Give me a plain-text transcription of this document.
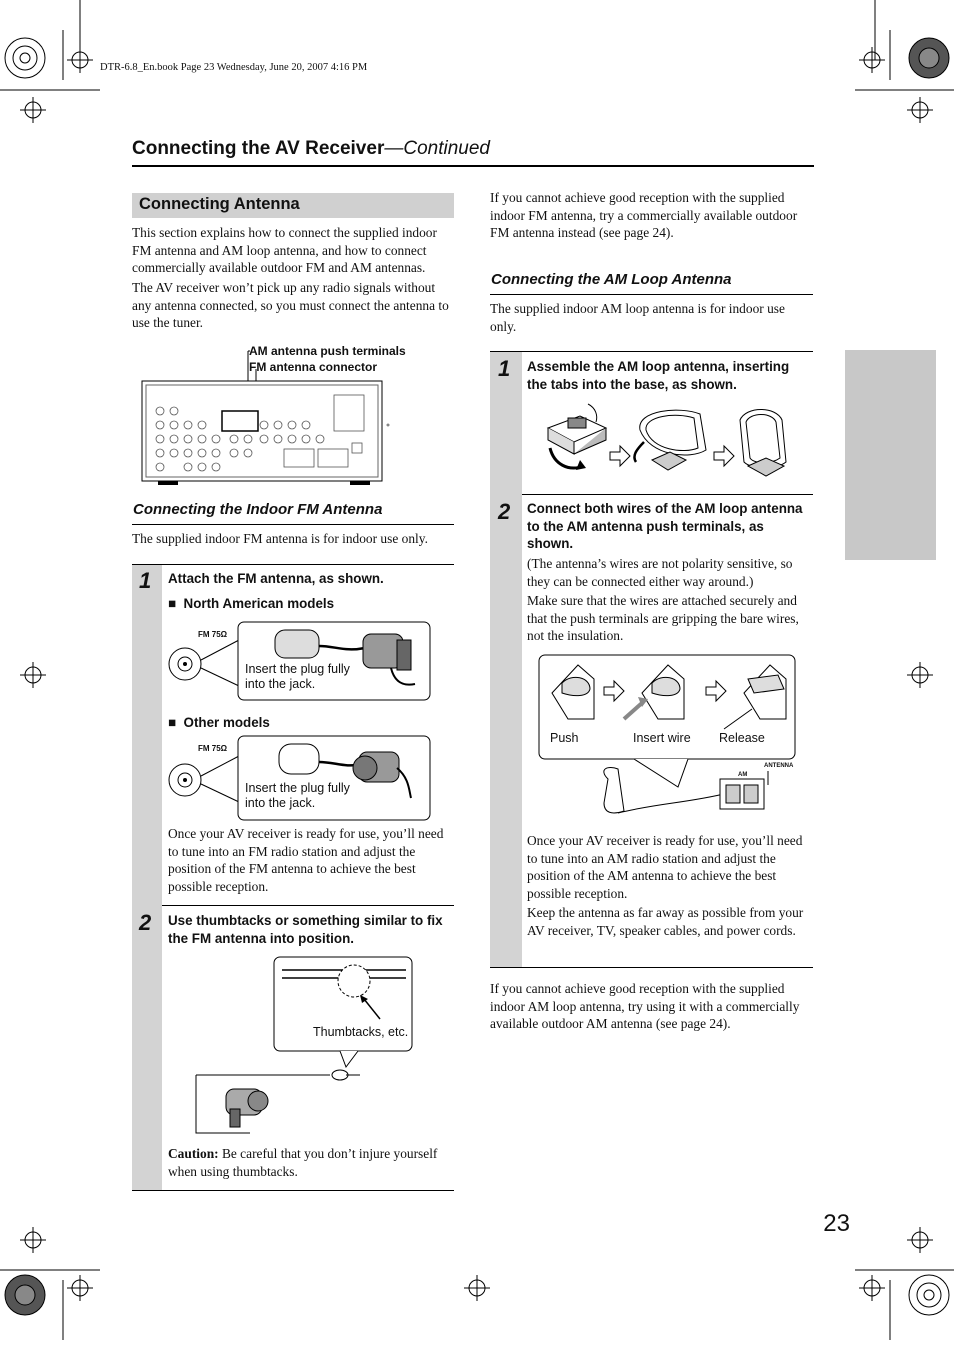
DTR-6.8_En.book Page 23 Wednesday, June 20, 2007 4:16 PM
Connecting the AV Receiver—Continued
Connecting Antenna
This section explains how to connect the supplied indoor FM antenna and AM loop antenna, and how to connect commercially available outdoor FM and AM antennas.
The AV receiver won’t pick up any radio signals without any antenna connected, so you must connect the antenna to use the tuner.
AM antenna push terminals
FM antenna connector
Connecting the Indoor FM Antenna
The supplied indoor FM antenna is for indoor use only.
1 Attach the FM antenna, as shown.
■  North American models
FM 75Ω
Insert the plug fully
into the jack.
■  Other models
FM 75Ω
Insert the plug fully
into the jack.
Once your AV receiver is ready for use, you’ll need to tune into an FM radio station and adjust the position of the FM antenna to achieve the best possible reception.
2 Use thumbtacks or something similar to fix the FM antenna into position.
Thumbtacks, etc.
Caution: Be careful that you don’t injure yourself when using thumbtacks.
If you cannot achieve good reception with the supplied indoor FM antenna, try a commercially available outdoor FM antenna instead (see page 24).
Connecting the AM Loop Antenna
The supplied indoor AM loop antenna is for indoor use only.
1 Assemble the AM loop antenna, inserting the tabs into the base, as shown.
2 Connect both wires of the AM loop antenna to the AM antenna push terminals, as shown.
(The antenna’s wires are not polarity sensitive, so they can be connected either way around.)
Make sure that the wires are attached securely and that the push terminals are gripping the bare wires, not the insulation.
Push	Insert wire Release
AM
ANTENNA
Once your AV receiver is ready for use, you’ll need to tune into an AM radio station and adjust the position of the AM antenna to achieve the best possible reception.
Keep the antenna as far away as possible from your AV receiver, TV, speaker cables, and power cords.
If you cannot achieve good reception with the supplied indoor AM loop antenna, try using it with a commercially available outdoor AM antenna (see page 24).
23
